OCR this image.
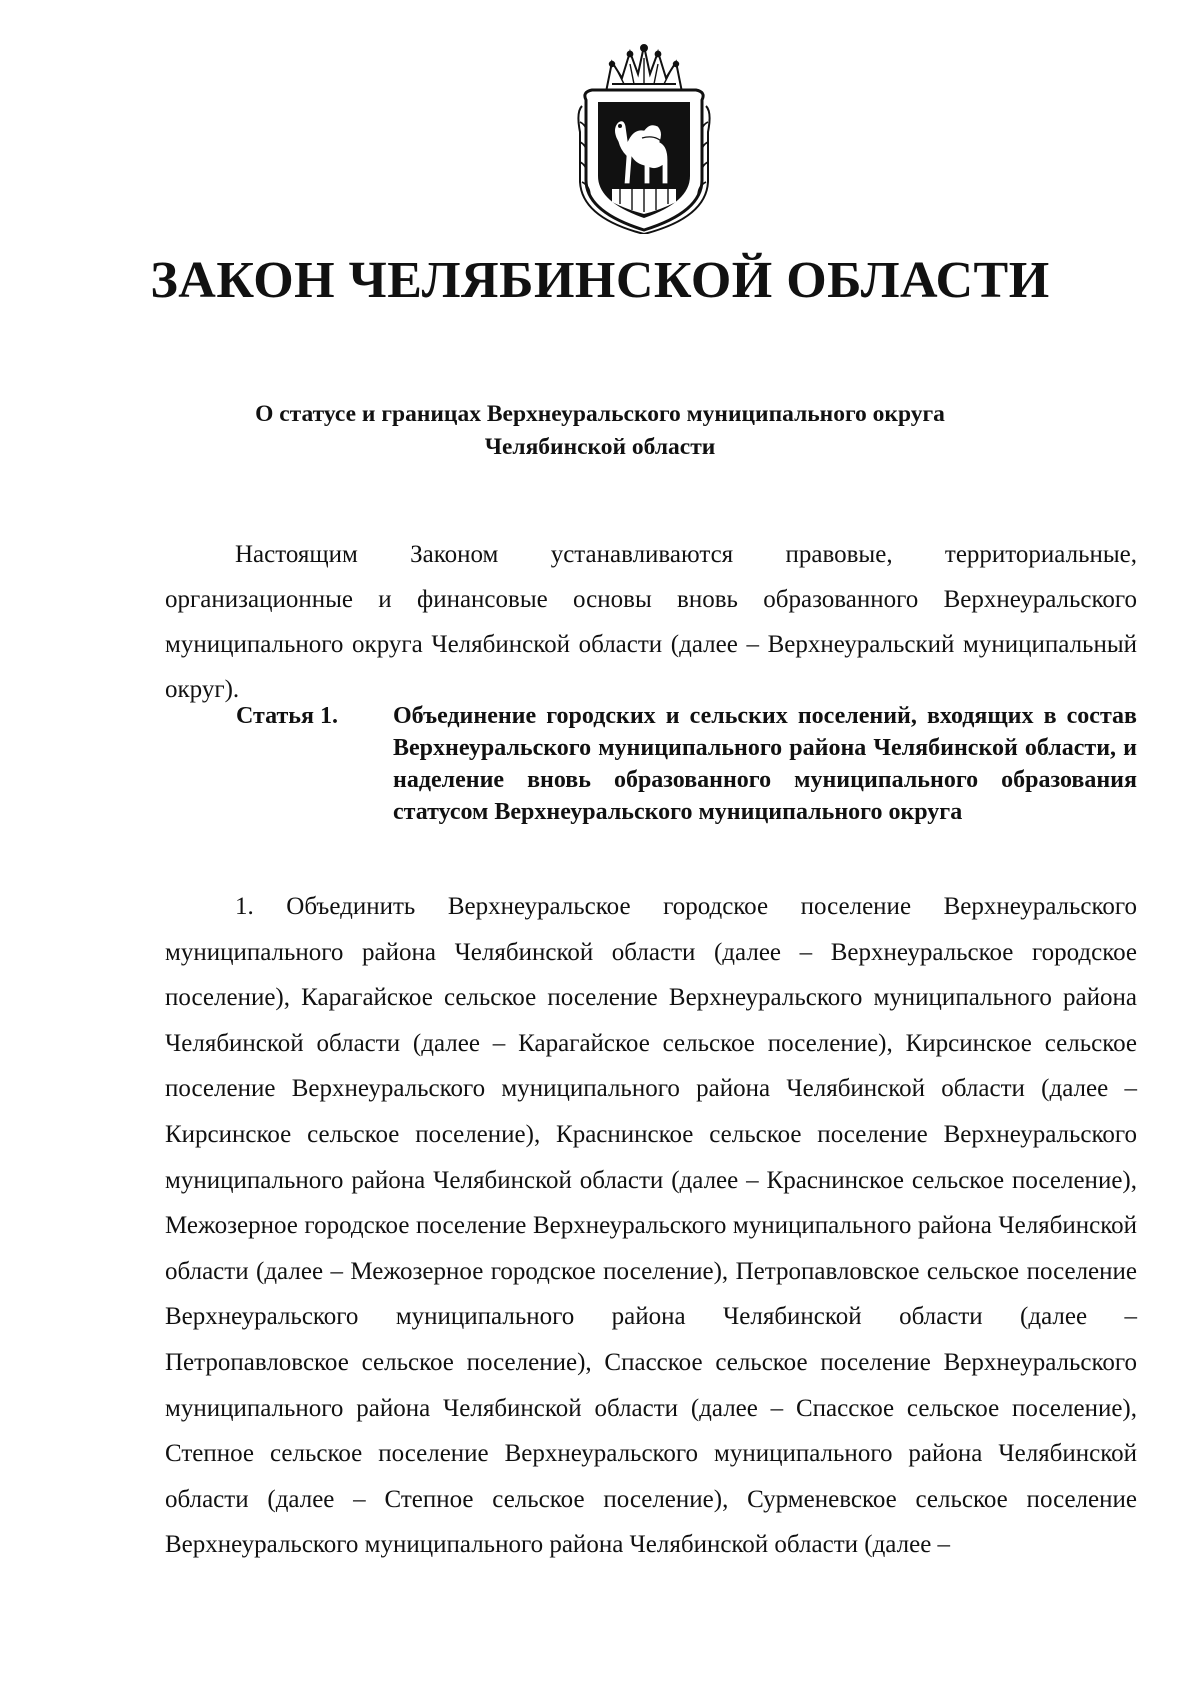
ЗАКОН ЧЕЛЯБИНСКОЙ ОБЛАСТИ
О статусе и границах Верхнеуральского муниципального округа
Челябинской области

Настоящим Законом устанавливаются правовые, территориальные, организационные и финансовые основы вновь образованного Верхнеуральского муниципального округа Челябинской области (далее – Верхнеуральский муниципальный округ).

Статья 1.	Объединение городских и сельских поселений, входящих в состав Верхнеуральского муниципального района Челябинской области, и наделение вновь образованного муниципального образования статусом Верхнеуральского муниципального округа

1. Объединить Верхнеуральское городское поселение Верхнеуральского муниципального района Челябинской области (далее – Верхнеуральское городское поселение), Карагайское сельское поселение Верхнеуральского муниципального района Челябинской области (далее – Карагайское сельское поселение), Кирсинское сельское поселение Верхнеуральского муниципального района Челябинской области (далее – Кирсинское сельское поселение), Краснинское сельское поселение Верхнеуральского муниципального района Челябинской области (далее – Краснинское сельское поселение), Межозерное городское поселение Верхнеуральского муниципального района Челябинской области (далее – Межозерное городское поселение), Петропавловское сельское поселение Верхнеуральского муниципального района Челябинской области (далее – Петропавловское сельское поселение), Спасское сельское поселение Верхнеуральского муниципального района Челябинской области (далее – Спасское сельское поселение), Степное сельское поселение Верхнеуральского муниципального района Челябинской области (далее – Степное сельское поселение), Сурменевское сельское поселение Верхнеуральского муниципального района Челябинской области (далее –
